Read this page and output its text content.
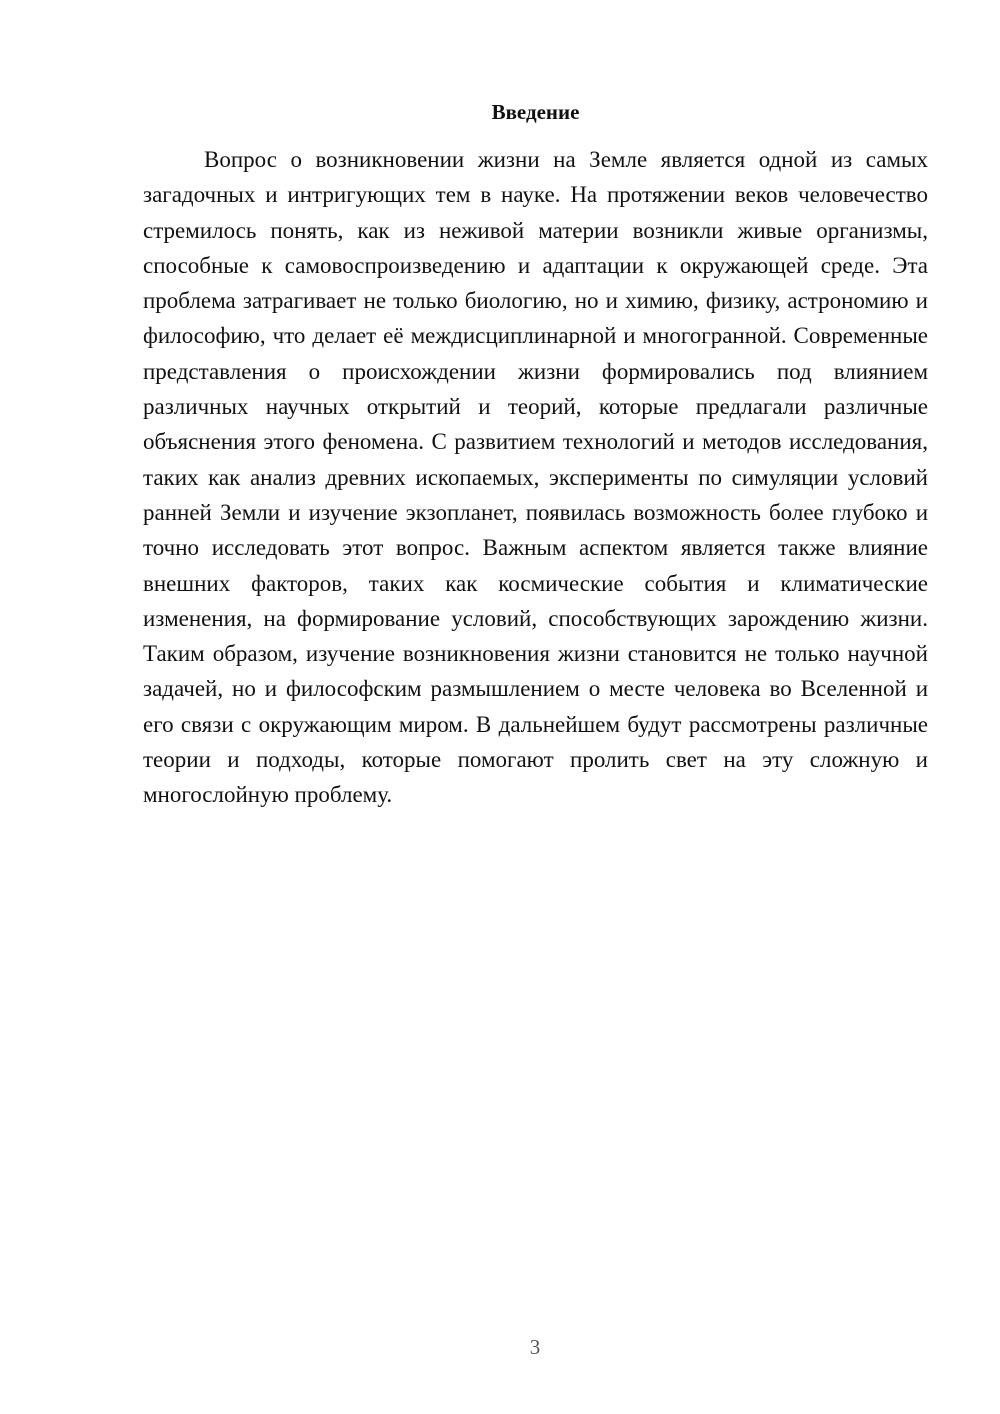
Введение

Вопрос о возникновении жизни на Земле является одной из самых загадочных и интригующих тем в науке. На протяжении веков человечество стремилось понять, как из неживой материи возникли живые организмы, способные к самовоспроизведению и адаптации к окружающей среде. Эта проблема затрагивает не только биологию, но и химию, физику, астрономию и философию, что делает её междисциплинарной и многогранной. Современные представления о происхождении жизни формировались под влиянием различных научных открытий и теорий, которые предлагали различные объяснения этого феномена. С развитием технологий и методов исследования, таких как анализ древних ископаемых, эксперименты по симуляции условий ранней Земли и изучение экзопланет, появилась возможность более глубоко и точно исследовать этот вопрос. Важным аспектом является также влияние внешних факторов, таких как космические события и климатические изменения, на формирование условий, способствующих зарождению жизни. Таким образом, изучение возникновения жизни становится не только научной задачей, но и философским размышлением о месте человека во Вселенной и его связи с окружающим миром. В дальнейшем будут рассмотрены различные теории и подходы, которые помогают пролить свет на эту сложную и многослойную проблему.

3
